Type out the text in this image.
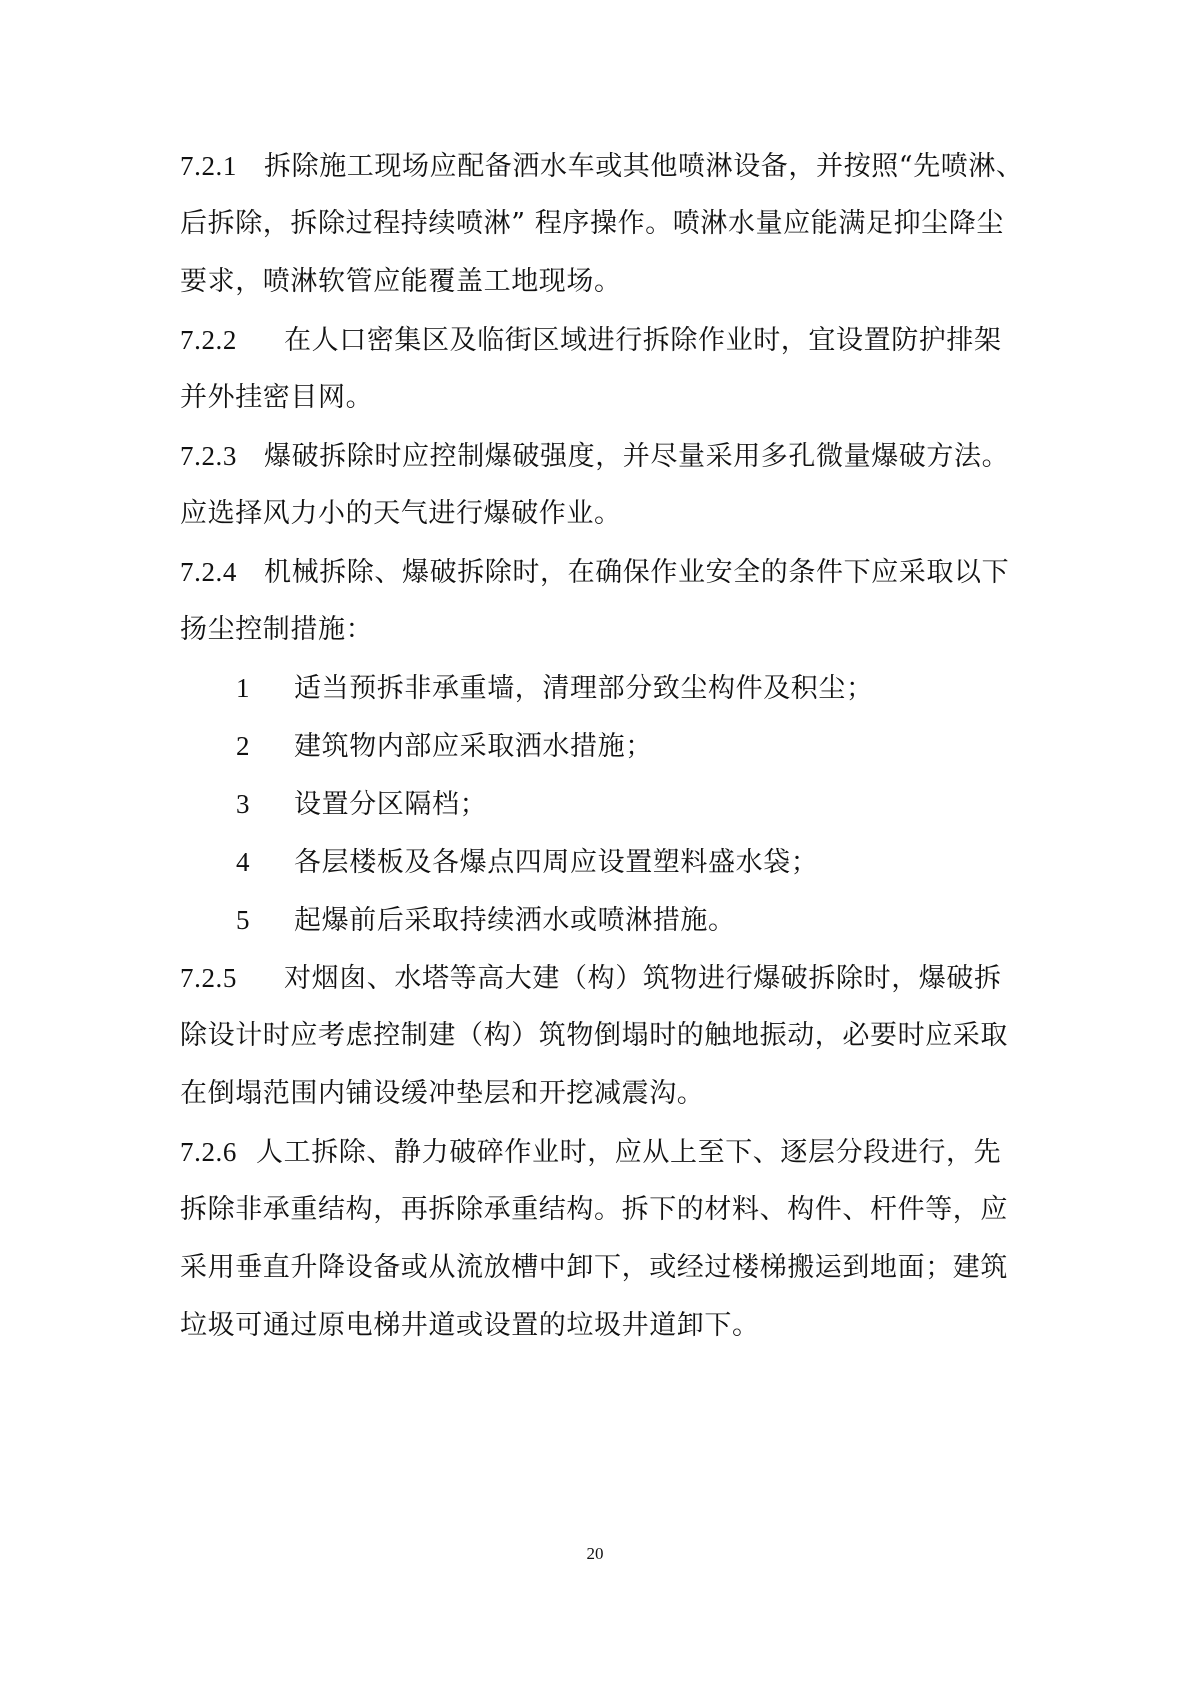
7.2.1 拆除施工现场应配备洒水车或其他喷淋设备，并按照“先喷淋、
后拆除，拆除过程持续喷淋” 程序操作。喷淋水量应能满足抑尘降尘
要求，喷淋软管应能覆盖工地现场。
7.2.2 在人口密集区及临街区域进行拆除作业时，宜设置防护排架
并外挂密目网。
7.2.3 爆破拆除时应控制爆破强度，并尽量采用多孔微量爆破方法。
应选择风力小的天气进行爆破作业。
7.2.4 机械拆除、爆破拆除时，在确保作业安全的条件下应采取以下
扬尘控制措施：
1 适当预拆非承重墙，清理部分致尘构件及积尘；
2 建筑物内部应采取洒水措施；
3 设置分区隔档；
4 各层楼板及各爆点四周应设置塑料盛水袋；
5 起爆前后采取持续洒水或喷淋措施。
7.2.5 对烟囱、水塔等高大建（构）筑物进行爆破拆除时，爆破拆
除设计时应考虑控制建（构）筑物倒塌时的触地振动，必要时应采取
在倒塌范围内铺设缓冲垫层和开挖减震沟。
7.2.6 人工拆除、静力破碎作业时，应从上至下、逐层分段进行，先
拆除非承重结构，再拆除承重结构。拆下的材料、构件、杆件等，应
采用垂直升降设备或从流放槽中卸下，或经过楼梯搬运到地面；建筑
垃圾可通过原电梯井道或设置的垃圾井道卸下。
20
